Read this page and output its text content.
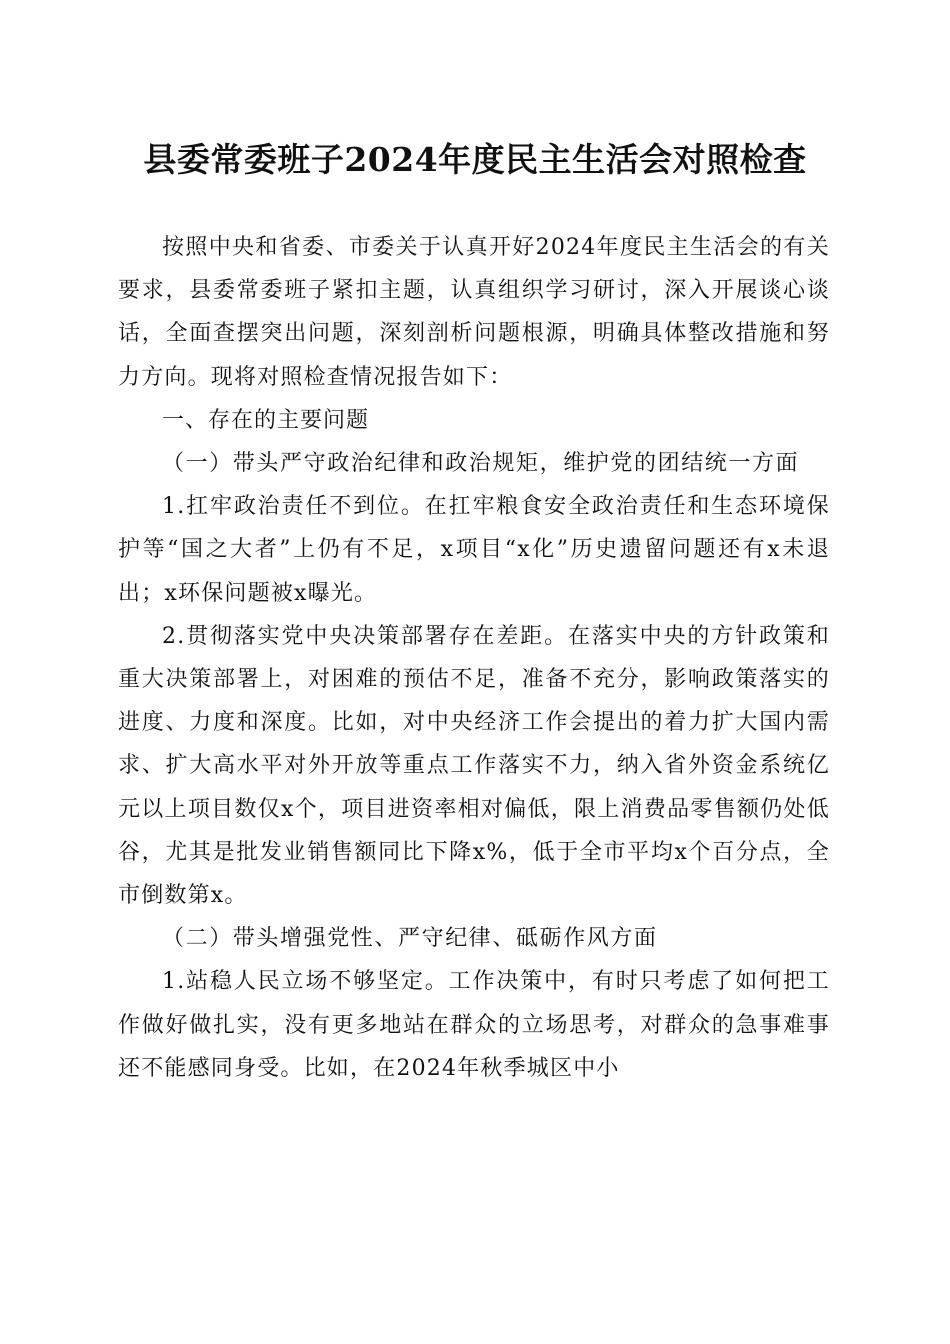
县委常委班子2024年度民主生活会对照检查

按照中央和省委、市委关于认真开好2024年度民主生活会的有关要求，县委常委班子紧扣主题，认真组织学习研讨，深入开展谈心谈话，全面查摆突出问题，深刻剖析问题根源，明确具体整改措施和努力方向。现将对照检查情况报告如下：

一、存在的主要问题

（一）带头严守政治纪律和政治规矩，维护党的团结统一方面

1.扛牢政治责任不到位。在扛牢粮食安全政治责任和生态环境保护等“国之大者”上仍有不足，x项目“x化”历史遗留问题还有x未退出；x环保问题被x曝光。

2.贯彻落实党中央决策部署存在差距。在落实中央的方针政策和重大决策部署上，对困难的预估不足，准备不充分，影响政策落实的进度、力度和深度。比如，对中央经济工作会提出的着力扩大国内需求、扩大高水平对外开放等重点工作落实不力，纳入省外资金系统亿元以上项目数仅x个，项目进资率相对偏低，限上消费品零售额仍处低谷，尤其是批发业销售额同比下降x%，低于全市平均x个百分点，全市倒数第x。

（二）带头增强党性、严守纪律、砥砺作风方面

1.站稳人民立场不够坚定。工作决策中，有时只考虑了如何把工作做好做扎实，没有更多地站在群众的立场思考，对群众的急事难事还不能感同身受。比如，在2024年秋季城区中小
